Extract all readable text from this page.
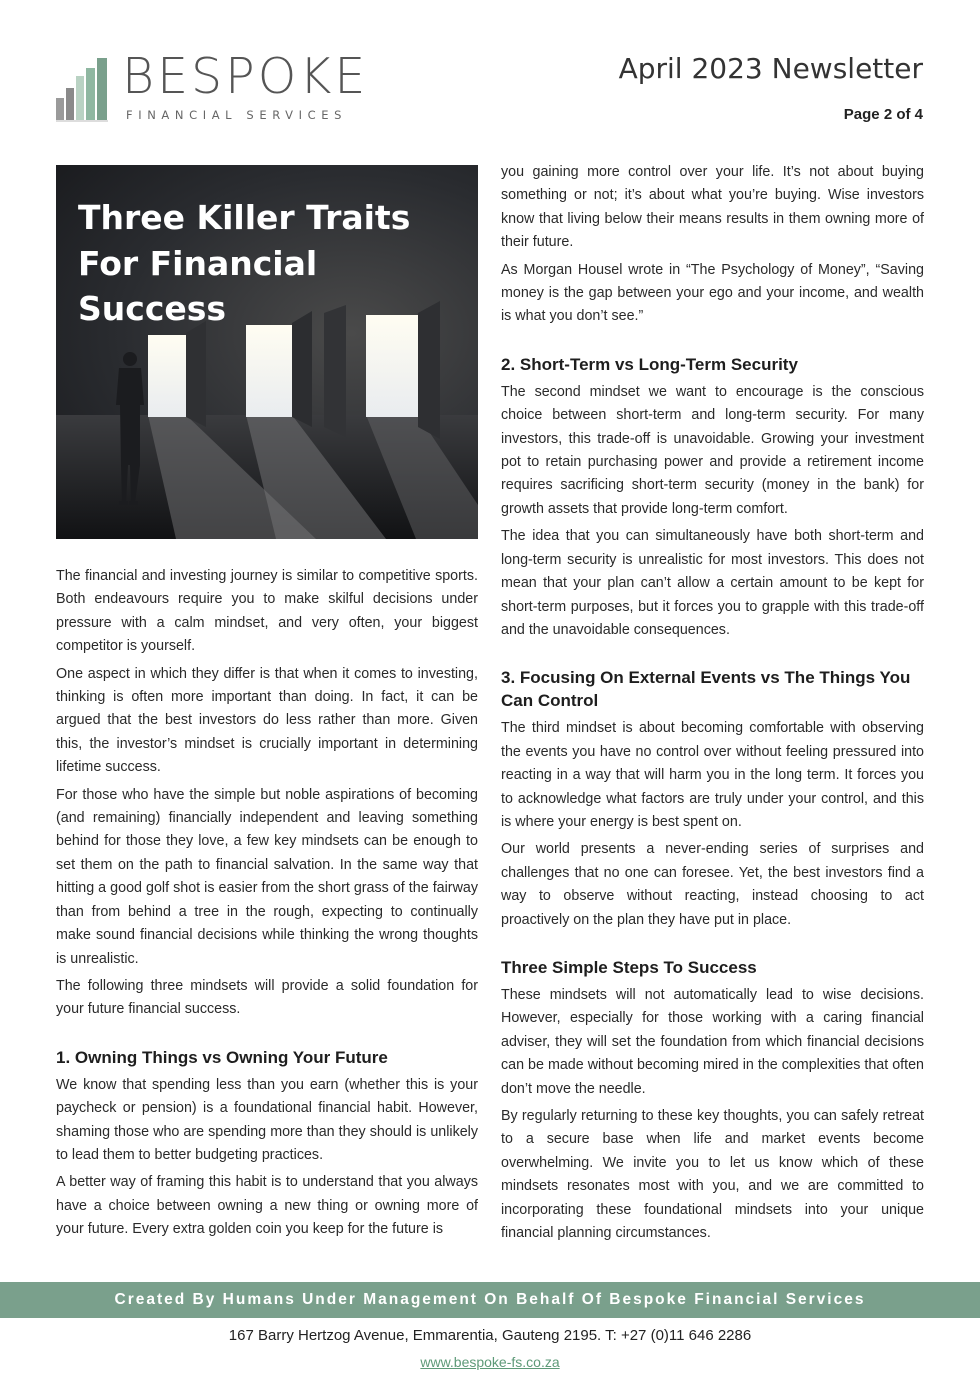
BESPOKE
FINANCIAL SERVICES
April 2023 Newsletter
Page 2 of 4
Three Killer Traits For Financial Success

The financial and investing journey is similar to competitive sports. Both endeavours require you to make skilful decisions under pressure with a calm mindset, and very often, your biggest competitor is yourself.

One aspect in which they differ is that when it comes to investing, thinking is often more important than doing. In fact, it can be argued that the best investors do less rather than more. Given this, the investor’s mindset is crucially important in determining lifetime success.

For those who have the simple but noble aspirations of becoming (and remaining) financially independent and leaving something behind for those they love, a few key mindsets can be enough to set them on the path to financial salvation. In the same way that hitting a good golf shot is easier from the short grass of the fairway than from behind a tree in the rough, expecting to continually make sound financial decisions while thinking the wrong thoughts is unrealistic.

The following three mindsets will provide a solid foundation for your future financial success.

1. Owning Things vs Owning Your Future

We know that spending less than you earn (whether this is your paycheck or pension) is a foundational financial habit. However, shaming those who are spending more than they should is unlikely to lead them to better budgeting practices.

A better way of framing this habit is to understand that you always have a choice between owning a new thing or owning more of your future. Every extra golden coin you keep for the future is

you gaining more control over your life. It’s not about buying something or not; it’s about what you’re buying. Wise investors know that living below their means results in them owning more of their future.

As Morgan Housel wrote in “The Psychology of Money”, “Saving money is the gap between your ego and your income, and wealth is what you don’t see.”

2. Short-Term vs Long-Term Security

The second mindset we want to encourage is the conscious choice between short-term and long-term security. For many investors, this trade-off is unavoidable. Growing your investment pot to retain purchasing power and provide a retirement income requires sacrificing short-term security (money in the bank) for growth assets that provide long-term comfort.

The idea that you can simultaneously have both short-term and long-term security is unrealistic for most investors. This does not mean that your plan can’t allow a certain amount to be kept for short-term purposes, but it forces you to grapple with this trade-off and the unavoidable consequences.

3. Focusing On External Events vs The Things You Can Control

The third mindset is about becoming comfortable with observing the events you have no control over without feeling pressured into reacting in a way that will harm you in the long term. It forces you to acknowledge what factors are truly under your control, and this is where your energy is best spent on.

Our world presents a never-ending series of surprises and challenges that no one can foresee. Yet, the best investors find a way to observe without reacting, instead choosing to act proactively on the plan they have put in place.

Three Simple Steps To Success

These mindsets will not automatically lead to wise decisions. However, especially for those working with a caring financial adviser, they will set the foundation from which financial decisions can be made without becoming mired in the complexities that often don’t move the needle.

By regularly returning to these key thoughts, you can safely retreat to a secure base when life and market events become overwhelming. We invite you to let us know which of these mindsets resonates most with you, and we are committed to incorporating these foundational mindsets into your unique financial planning circumstances.

Created By Humans Under Management On Behalf Of Bespoke Financial Services
167 Barry Hertzog Avenue, Emmarentia, Gauteng 2195. T: +27 (0)11 646 2286
www.bespoke-fs.co.za
